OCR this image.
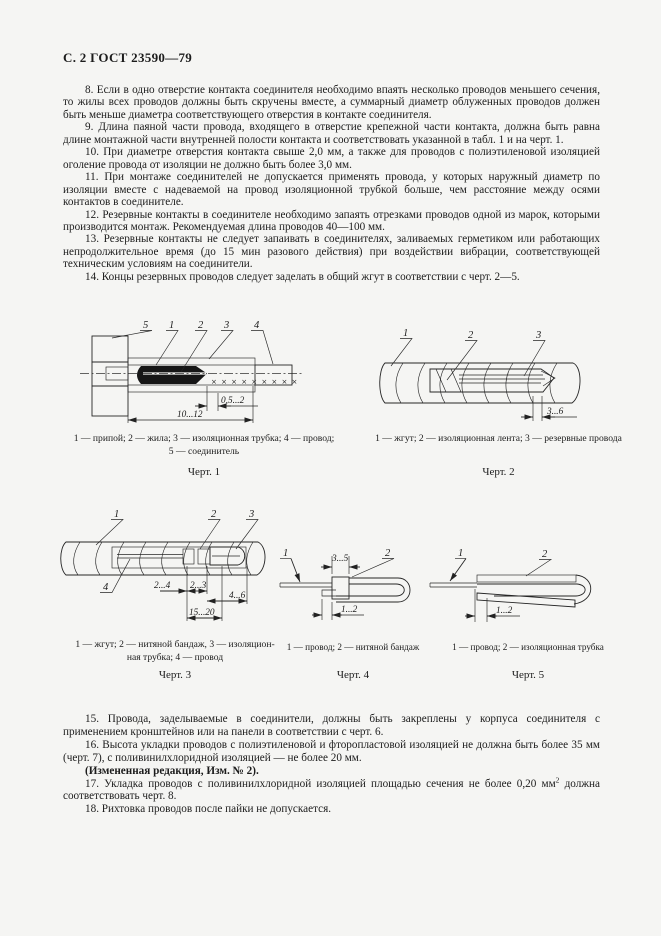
С. 2 ГОСТ 23590—79

8. Если в одно отверстие контакта соединителя необходимо впаять несколько проводов меньшего сечения, то жилы всех проводов должны быть скручены вместе, а суммарный диаметр облуженных проводов должен быть меньше диаметра соответствующего отверстия в контакте соединителя.

9. Длина паяной части провода, входящего в отверстие крепежной части контакта, должна быть равна длине монтажной части внутренней полости контакта и соответствовать указанной в табл. 1 и на черт. 1.

10. При диаметре отверстия контакта свыше 2,0 мм, а также для проводов с полиэтиленовой изоляцией оголение провода от изоляции не должно быть более 3,0 мм.

11. При монтаже соединителей не допускается применять провода, у которых наружный диаметр по изоляции вместе с надеваемой на провод изоляционной трубкой больше, чем расстояние между осями контактов в соединителе.

12. Резервные контакты в соединителе необходимо запаять отрезками проводов одной из марок, которыми производится монтаж. Рекомендуемая длина проводов 40—100 мм.

13. Резервные контакты не следует запаивать в соединителях, заливаемых герметиком или работающих непродолжительное время (до 15 мин разового действия) при воздействии вибрации, соответствующей техническим условиям на соединители.

14. Концы резервных проводов следует заделать в общий жгут в соответствии с черт. 2—5.

×××××××××
5 1 2 3 4
0,5...2
10...12
1	2	3
3...6
1 — припой; 2 — жила; 3 — изоляционная трубка; 4 — провод;
5 — соединитель
1 — жгут; 2 — изоляционная лента; 3 — резервные провода
Черт. 1	Черт. 2
1	2	3
4	2...4 2...3
4...6
15...20
1	2
3...5
1...2
1	2
1...2
1 — жгут; 2 — нитяной бандаж, 3 — изоляцион-
ная трубка; 4 — провод
1 — провод; 2 — нитяной бандаж	1 — провод; 2 — изоляционная трубка
Черт. 3	Черт. 4	Черт. 5

15. Провода, заделываемые в соединители, должны быть закреплены у корпуса соединителя с применением кронштейнов или на панели в соответствии с черт. 6.

16. Высота укладки проводов с полиэтиленовой и фторопластовой изоляцией не должна быть более 35 мм (черт. 7), с поливинилхлоридной изоляцией — не более 20 мм.

(Измененная редакция, Изм. № 2).

17. Укладка проводов с поливинилхлоридной изоляцией площадью сечения не более 0,20 $мм^2$ должна соответствовать черт. 8.

18. Рихтовка проводов после пайки не допускается.
